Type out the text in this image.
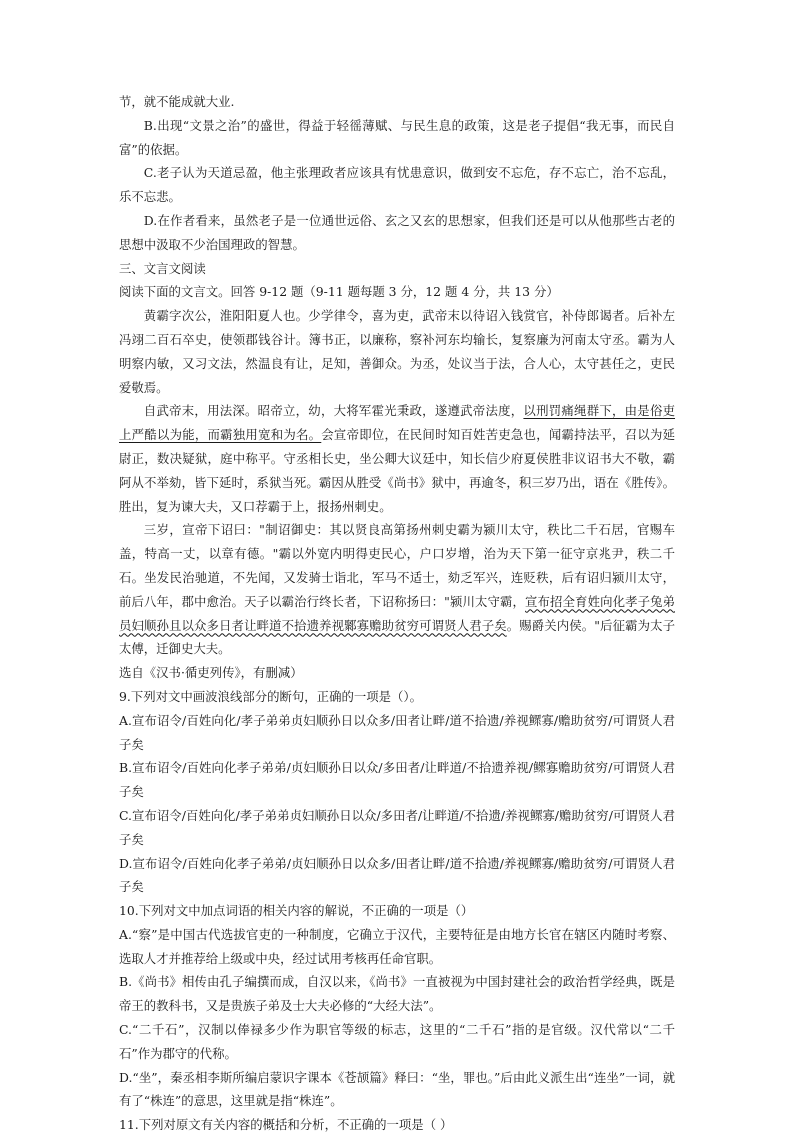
节，就不能成就大业.

B.出现“文景之治”的盛世，得益于轻徭薄赋、与民生息的政策，这是老子提倡“我无事，而民自富”的依据。

C.老子认为天道忌盈，他主张理政者应该具有忧患意识，做到安不忘危，存不忘亡，治不忘乱，乐不忘悲。

D.在作者看来，虽然老子是一位通世远俗、玄之又玄的思想家，但我们还是可以从他那些古老的思想中汲取不少治国理政的智慧。

三、文言文阅读

阅读下面的文言文。回答 9-12 题（9-11 题每题 3 分，12 题 4 分，共 13 分）

黄霸字次公，淮阳阳夏人也。少学律令，喜为吏，武帝末以待诏入钱赏官，补侍郎谒者。后补左冯翊二百石卒史，使领郡钱谷计。簿书正，以廉称，察补河东均输长，复察廉为河南太守丞。霸为人明察内敏，又习文法，然温良有让，足知，善御众。为丞，处议当于法，合人心，太守甚任之，吏民爱敬焉。

自武帝末，用法深。昭帝立，幼，大将军霍光秉政，遂遵武帝法度，以刑罚痛绳群下，由是俗吏上严酷以为能，而霸独用宽和为名。会宣帝即位，在民间时知百姓苦吏急也，闻霸持法平，召以为延尉正，数决疑狱，庭中称平。守丞相长史，坐公卿大议廷中，知长信少府夏侯胜非议诏书大不敬，霸阿从不举劾，皆下延时，系狱当死。霸因从胜受《尚书》狱中，再逾冬，积三岁乃出，语在《胜传》。胜出，复为谏大夫，又口荐霸于上，报扬州刺史。

三岁，宣帝下诏曰："制诏御史：其以贤良高第扬州刺史霸为颍川太守，秩比二千石居，官赐车盖，特高一丈，以章有德。"霸以外宽内明得吏民心，户口岁增，治为天下第一征守京兆尹，秩二千石。坐发民治驰道，不先闻，又发骑士诣北，军马不适士，劾乏军兴，连贬秩，后有诏归颍川太守，前后八年，郡中愈治。天子以霸治行终长者，下诏称扬曰："颍川太守霸，宣布招全育姓向化孝子兔弟员妇顺孙且以众多日者让畔道不拾遗养视鄹寡赡助贫穷可谓贤人君子矣。赐爵关内侯。"后征霸为太子太傅，迁御史大夫。

选自《汉书·循吏列传》，有删减）

9.下列对文中画波浪线部分的断句，正确的一项是（）。

A.宣布诏令/百姓向化/孝子弟弟贞妇顺孙日以众多/田者让畔/道不拾遗/养视鳏寡/赡助贫穷/可谓贤人君子矣

B.宣布诏令/百姓向化孝子弟弟/贞妇顺孙日以众/多田者/让畔道/不拾遗养视/鳏寡赡助贫穷/可谓贤人君子矣

C.宣布诏令/百姓向化/孝子弟弟贞妇顺孙日以众/多田者/让畔道/不拾遗/养视鳏寡/赡助贫穷/可谓贤人君子矣

D.宣布诏令/百姓向化孝子弟弟/贞妇顺孙日以众多/田者让畔/道不拾遗/养视鳏寡/赡助贫穷/可谓贤人君子矣

10.下列对文中加点词语的相关内容的解说，不正确的一项是（）

A.“察”是中国古代选拔官吏的一种制度，它确立于汉代，主要特征是由地方长官在辖区内随时考察、选取人才并推荐给上级或中央，经过试用考核再任命官职。

B.《尚书》相传由孔子编撰而成，自汉以来，《尚书》一直被视为中国封建社会的政治哲学经典，既是帝王的教科书，又是贵族子弟及士大夫必修的“大经大法”。

C.“二千石”，汉制以俸禄多少作为职官等级的标志，这里的“二千石”指的是官级。汉代常以“二千石”作为郡守的代称。

D.“坐”，秦丞相李斯所编启蒙识字课本《苍颉篇》释曰：“坐，罪也。”后由此义派生出“连坐”一词，就有了“株连”的意思，这里就是指“株连”。

11.下列对原文有关内容的概括和分析，不正确的一项是（ ）
